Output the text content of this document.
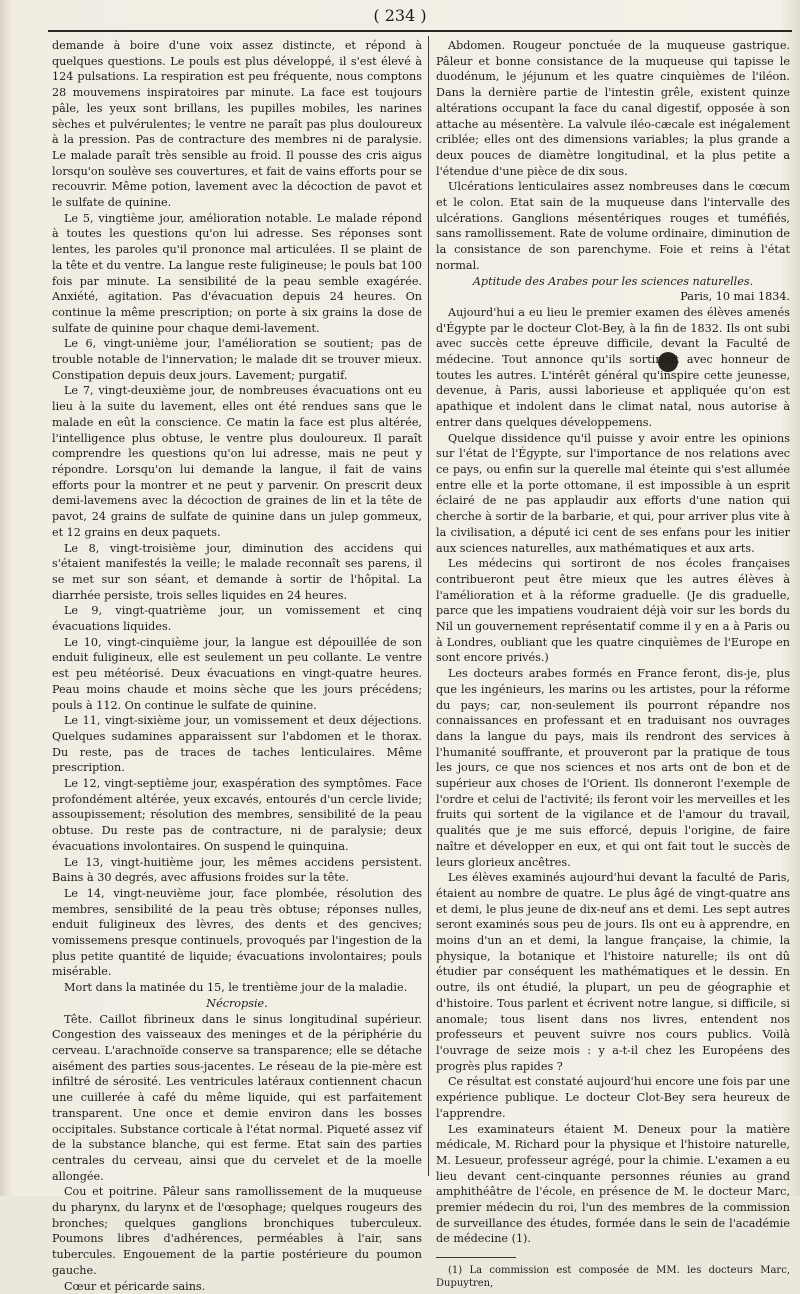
( 234 )

demande à boire d'une voix assez distincte, et répond à quelques questions. Le pouls est plus développé, il s'est élevé à 124 pulsations. La respiration est peu fréquente, nous comptons 28 mouvemens inspiratoires par minute. La face est toujours pâle, les yeux sont brillans, les pupilles mobiles, les narines sèches et pulvérulentes; le ventre ne paraît pas plus douloureux à la pression. Pas de contracture des membres ni de paralysie. Le malade paraît très sensible au froid. Il pousse des cris aigus lorsqu'on soulève ses couvertures, et fait de vains efforts pour se recouvrir. Même potion, lavement avec la décoction de pavot et le sulfate de quinine.

Le 5, vingtième jour, amélioration notable. Le malade répond à toutes les questions qu'on lui adresse. Ses réponses sont lentes, les paroles qu'il prononce mal articulées. Il se plaint de la tête et du ventre. La langue reste fuligineuse; le pouls bat 100 fois par minute. La sensibilité de la peau semble exagérée. Anxiété, agitation. Pas d'évacuation depuis 24 heures. On continue la même prescription; on porte à six grains la dose de sulfate de quinine pour chaque demi-lavement.

Le 6, vingt-unième jour, l'amélioration se soutient; pas de trouble notable de l'innervation; le malade dit se trouver mieux. Constipation depuis deux jours. Lavement; purgatif.

Le 7, vingt-deuxième jour, de nombreuses évacuations ont eu lieu à la suite du lavement, elles ont été rendues sans que le malade en eût la conscience. Ce matin la face est plus altérée, l'intelligence plus obtuse, le ventre plus douloureux. Il paraît comprendre les questions qu'on lui adresse, mais ne peut y répondre. Lorsqu'on lui demande la langue, il fait de vains efforts pour la montrer et ne peut y parvenir. On prescrit deux demi-lavemens avec la décoction de graines de lin et la tête de pavot, 24 grains de sulfate de quinine dans un julep gommeux, et 12 grains en deux paquets.

Le 8, vingt-troisième jour, diminution des accidens qui s'étaient manifestés la veille; le malade reconnaît ses parens, il se met sur son séant, et demande à sortir de l'hôpital. La diarrhée persiste, trois selles liquides en 24 heures.

Le 9, vingt-quatrième jour, un vomissement et cinq évacuations liquides.

Le 10, vingt-cinquième jour, la langue est dépouillée de son enduit fuligineux, elle est seulement un peu collante. Le ventre est peu météorisé. Deux évacuations en vingt-quatre heures. Peau moins chaude et moins sèche que les jours précédens; pouls à 112. On continue le sulfate de quinine.

Le 11, vingt-sixième jour, un vomissement et deux déjections. Quelques sudamines apparaissent sur l'abdomen et le thorax. Du reste, pas de traces de taches lenticulaires. Même prescription.

Le 12, vingt-septième jour, exaspération des symptômes. Face profondément altérée, yeux excavés, entourés d'un cercle livide; assoupissement; résolution des membres, sensibilité de la peau obtuse. Du reste pas de contracture, ni de paralysie; deux évacuations involontaires. On suspend le quinquina.

Le 13, vingt-huitième jour, les mêmes accidens persistent. Bains à 30 degrés, avec affusions froides sur la tête.

Le 14, vingt-neuvième jour, face plombée, résolution des membres, sensibilité de la peau très obtuse; réponses nulles, enduit fuligineux des lèvres, des dents et des gencives; vomissemens presque continuels, provoqués par l'ingestion de la plus petite quantité de liquide; évacuations involontaires; pouls misérable.

Mort dans la matinée du 15, le trentième jour de la maladie.

Nécropsie.

Tête. Caillot fibrineux dans le sinus longitudinal supérieur. Congestion des vaisseaux des meninges et de la périphérie du cerveau. L'arachnoïde conserve sa transparence; elle se détache aisément des parties sous-jacentes. Le réseau de la pie-mère est infiltré de sérosité. Les ventricules latéraux contiennent chacun une cuillerée à café du même liquide, qui est parfaitement transparent. Une once et demie environ dans les bosses occipitales. Substance corticale à l'état normal. Piqueté assez vif de la substance blanche, qui est ferme. Etat sain des parties centrales du cerveau, ainsi que du cervelet et de la moelle allongée.

Cou et poitrine. Pâleur sans ramollissement de la muqueuse du pharynx, du larynx et de l'œsophage; quelques rougeurs des bronches; quelques ganglions bronchiques tuberculeux. Poumons libres d'adhérences, perméables à l'air, sans tubercules. Engouement de la partie postérieure du poumon gauche.

Cœur et péricarde sains.

Abdomen. Rougeur ponctuée de la muqueuse gastrique. Pâleur et bonne consistance de la muqueuse qui tapisse le duodénum, le jéjunum et les quatre cinquièmes de l'iléon. Dans la dernière partie de l'intestin grêle, existent quinze altérations occupant la face du canal digestif, opposée à son attache au mésentère. La valvule iléo-cæcale est inégalement criblée; elles ont des dimensions variables; la plus grande a deux pouces de diamètre longitudinal, et la plus petite a l'étendue d'une pièce de dix sous.

Ulcérations lenticulaires assez nombreuses dans le cœcum et le colon. Etat sain de la muqueuse dans l'intervalle des ulcérations. Ganglions mésentériques rouges et tuméfiés, sans ramollissement. Rate de volume ordinaire, diminution de la consistance de son parenchyme. Foie et reins à l'état normal.

Aptitude des Arabes pour les sciences naturelles.

Paris, 10 mai 1834.

Aujourd'hui a eu lieu le premier examen des élèves amenés d'Égypte par le docteur Clot-Bey, à la fin de 1832. Ils ont subi avec succès cette épreuve difficile, devant la Faculté de médecine. Tout annonce qu'ils sortiront avec honneur de toutes les autres. L'intérêt général qu'inspire cette jeunesse, devenue, à Paris, aussi laborieuse et appliquée qu'on est apathique et indolent dans le climat natal, nous autorise à entrer dans quelques développemens.

Quelque dissidence qu'il puisse y avoir entre les opinions sur l'état de l'Égypte, sur l'importance de nos relations avec ce pays, ou enfin sur la querelle mal éteinte qui s'est allumée entre elle et la porte ottomane, il est impossible à un esprit éclairé de ne pas applaudir aux efforts d'une nation qui cherche à sortir de la barbarie, et qui, pour arriver plus vite à la civilisation, a député ici cent de ses enfans pour les initier aux sciences naturelles, aux mathématiques et aux arts.

Les médecins qui sortiront de nos écoles françaises contribueront peut être mieux que les autres élèves à l'amélioration et à la réforme graduelle. (Je dis graduelle, parce que les impatiens voudraient déjà voir sur les bords du Nil un gouvernement représentatif comme il y en a à Paris ou à Londres, oubliant que les quatre cinquièmes de l'Europe en sont encore privés.)

Les docteurs arabes formés en France feront, dis-je, plus que les ingénieurs, les marins ou les artistes, pour la réforme du pays; car, non-seulement ils pourront répandre nos connaissances en professant et en traduisant nos ouvrages dans la langue du pays, mais ils rendront des services à l'humanité souffrante, et prouveront par la pratique de tous les jours, ce que nos sciences et nos arts ont de bon et de supérieur aux choses de l'Orient. Ils donneront l'exemple de l'ordre et celui de l'activité; ils feront voir les merveilles et les fruits qui sortent de la vigilance et de l'amour du travail, qualités que je me suis efforcé, depuis l'origine, de faire naître et développer en eux, et qui ont fait tout le succès de leurs glorieux ancêtres.

Les élèves examinés aujourd'hui devant la faculté de Paris, étaient au nombre de quatre. Le plus âgé de vingt-quatre ans et demi, le plus jeune de dix-neuf ans et demi. Les sept autres seront examinés sous peu de jours. Ils ont eu à apprendre, en moins d'un an et demi, la langue française, la chimie, la physique, la botanique et l'histoire naturelle; ils ont dû étudier par conséquent les mathématiques et le dessin. En outre, ils ont étudié, la plupart, un peu de géographie et d'histoire. Tous parlent et écrivent notre langue, si difficile, si anomale; tous lisent dans nos livres, entendent nos professeurs et peuvent suivre nos cours publics. Voilà l'ouvrage de seize mois : y a-t-il chez les Européens des progrès plus rapides ?

Ce résultat est constaté aujourd'hui encore une fois par une expérience publique. Le docteur Clot-Bey sera heureux de l'apprendre.

Les examinateurs étaient M. Deneux pour la matière médicale, M. Richard pour la physique et l'histoire naturelle, M. Lesueur, professeur agrégé, pour la chimie. L'examen a eu lieu devant cent-cinquante personnes réunies au grand amphithéâtre de l'école, en présence de M. le docteur Marc, premier médecin du roi, l'un des membres de la commission de surveillance des études, formée dans le sein de l'académie de médecine (1).

(1) La commission est composée de MM. les docteurs Marc, Dupuytren,
